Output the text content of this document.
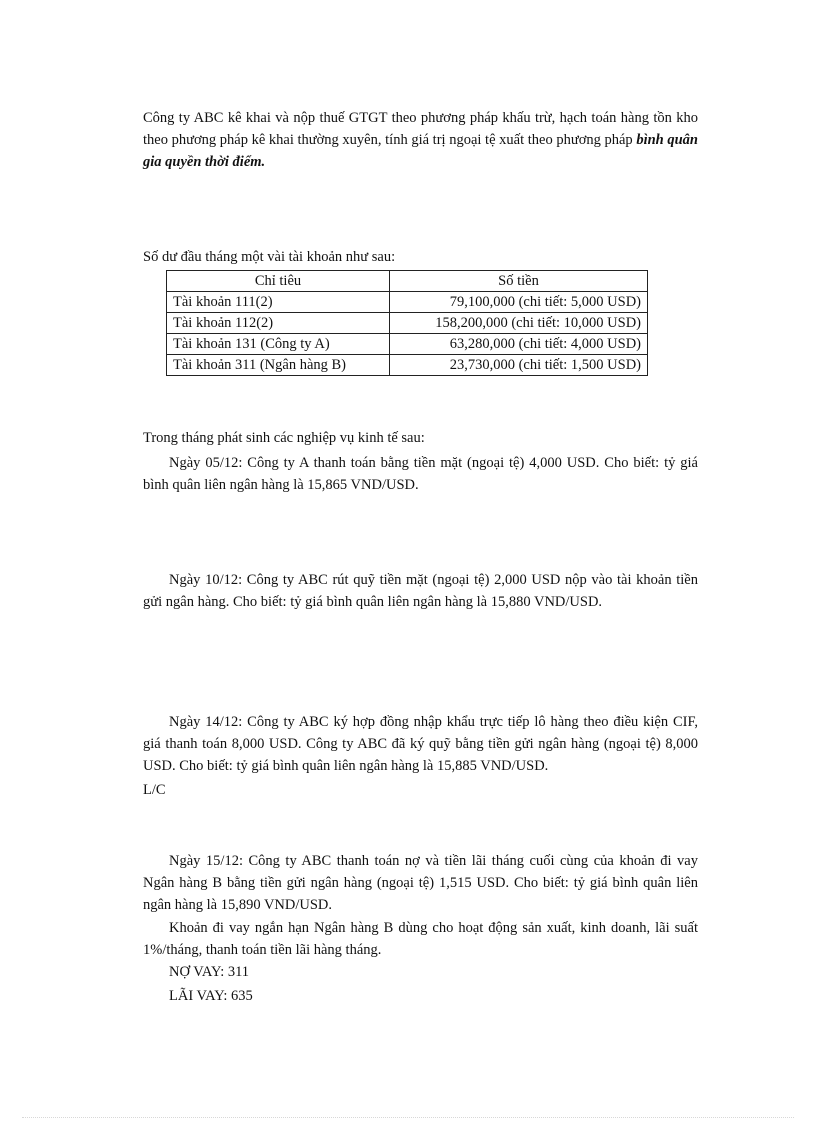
Công ty ABC kê khai và nộp thuế GTGT theo phương pháp khấu trừ, hạch toán hàng tồn kho theo phương pháp kê khai thường xuyên, tính giá trị ngoại tệ xuất theo phương pháp bình quân gia quyền thời điểm.

Số dư đầu tháng một vài tài khoản như sau:

Chỉ tiêu	Số tiền
Tài khoản 111(2)	79,100,000 (chi tiết: 5,000 USD)
Tài khoản 112(2)	158,200,000 (chi tiết: 10,000 USD)
Tài khoản 131 (Công ty A)	63,280,000 (chi tiết: 4,000 USD)
Tài khoản 311 (Ngân hàng B)	23,730,000 (chi tiết: 1,500 USD)

Trong tháng phát sinh các nghiệp vụ kinh tế sau:

Ngày 05/12: Công ty A thanh toán bằng tiền mặt (ngoại tệ) 4,000 USD. Cho biết: tỷ giá bình quân liên ngân hàng là 15,865 VND/USD.

Ngày 10/12: Công ty ABC rút quỹ tiền mặt (ngoại tệ) 2,000 USD nộp vào tài khoản tiền gửi ngân hàng. Cho biết: tỷ giá bình quân liên ngân hàng là 15,880 VND/USD.

Ngày 14/12: Công ty ABC ký hợp đồng nhập khẩu trực tiếp lô hàng theo điều kiện CIF, giá thanh toán 8,000 USD. Công ty ABC đã ký quỹ bằng tiền gửi ngân hàng (ngoại tệ) 8,000 USD. Cho biết: tỷ giá bình quân liên ngân hàng là 15,885 VND/USD.

L/C

Ngày 15/12: Công ty ABC thanh toán nợ và tiền lãi tháng cuối cùng của khoản đi vay Ngân hàng B bằng tiền gửi ngân hàng (ngoại tệ) 1,515 USD. Cho biết: tỷ giá bình quân liên ngân hàng là 15,890 VND/USD.

Khoản đi vay ngắn hạn Ngân hàng B dùng cho hoạt động sản xuất, kinh doanh, lãi suất 1%/tháng, thanh toán tiền lãi hàng tháng.

NỢ VAY: 311

LÃI VAY: 635
